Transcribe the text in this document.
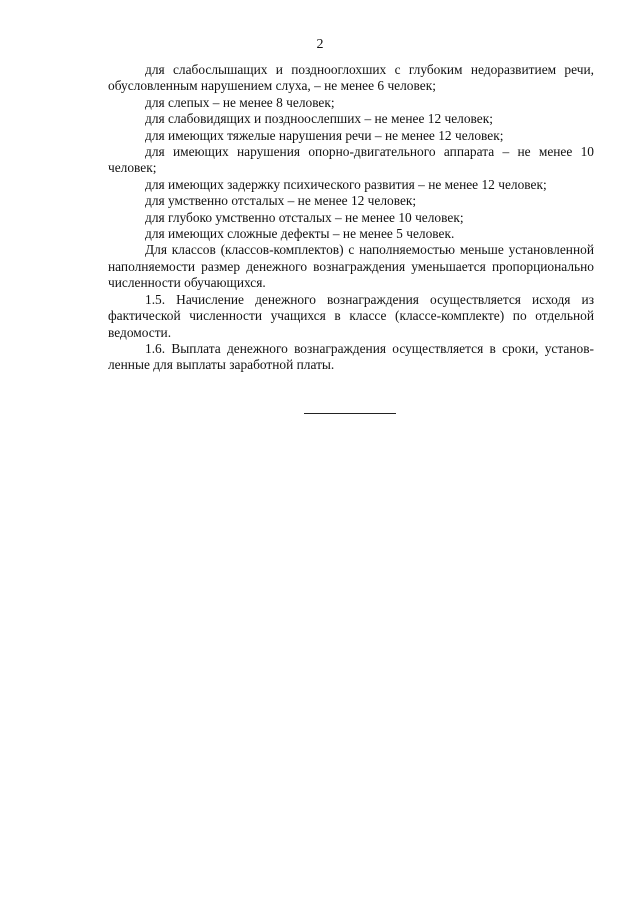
2

для слабослышащих и позднооглохших с глубоким недоразвитием речи, обусловленным нарушением слуха, – не менее 6 человек;

для слепых – не менее 8 человек;

для слабовидящих и поздноослепших – не менее 12 человек;

для имеющих тяжелые нарушения речи – не менее 12 человек;

для имеющих нарушения опорно-двигательного аппарата – не менее 10 человек;

для имеющих задержку психического развития – не менее 12 человек;

для умственно отсталых – не менее 12 человек;

для глубоко умственно отсталых – не менее 10 человек;

для имеющих сложные дефекты – не менее 5 человек.

Для классов (классов-комплектов) с наполняемостью меньше установленной наполняемости размер денежного вознаграждения уменьшается пропорционально численности обучающихся.

1.5. Начисление денежного вознаграждения осуществляется исходя из фактической численности учащихся в классе (классе-комплекте) по отдельной ведомости.

1.6. Выплата денежного вознаграждения осуществляется в сроки, установленные для выплаты заработной платы.
